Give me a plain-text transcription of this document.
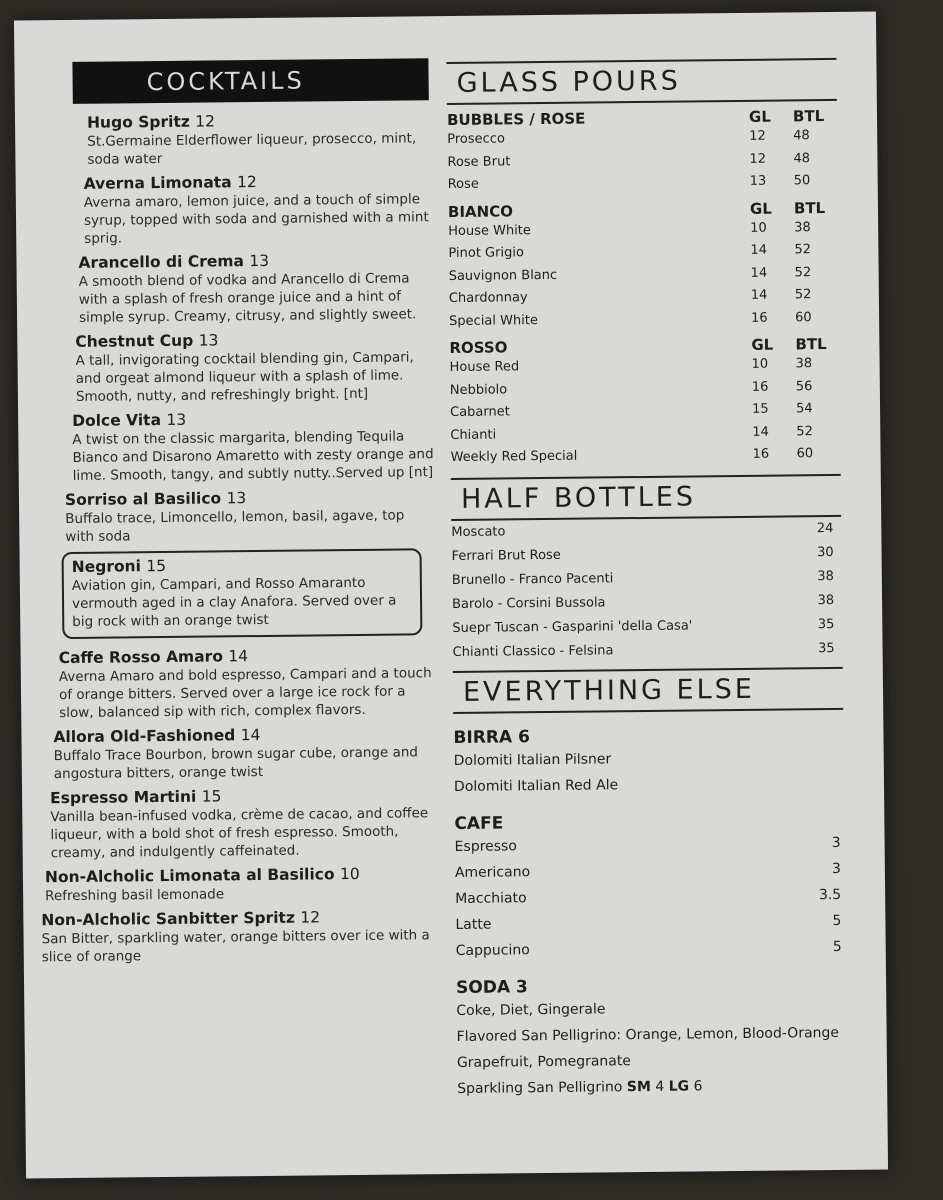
COCKTAILS
Hugo Spritz 12
St.Germaine Elderflower liqueur, prosecco, mint, soda water
Averna Limonata 12
Averna amaro, lemon juice, and a touch of simple syrup, topped with soda and garnished with a mint sprig.
Arancello di Crema 13
A smooth blend of vodka and Arancello di Crema with a splash of fresh orange juice and a hint of simple syrup. Creamy, citrusy, and slightly sweet.
Chestnut Cup 13
A tall, invigorating cocktail blending gin, Campari, and orgeat almond liqueur with a splash of lime. Smooth, nutty, and refreshingly bright. [nt]
Dolce Vita 13
A twist on the classic margarita, blending Tequila Bianco and Disarono Amaretto with zesty orange and lime. Smooth, tangy, and subtly nutty..Served up [nt]
Sorriso al Basilico 13
Buffalo trace, Limoncello, lemon, basil, agave, top with soda
Negroni 15
Aviation gin, Campari, and Rosso Amaranto vermouth aged in a clay Anafora. Served over a big rock with an orange twist
Caffe Rosso Amaro 14
Averna Amaro and bold espresso, Campari and a touch of orange bitters. Served over a large ice rock for a slow, balanced sip with rich, complex flavors.
Allora Old-Fashioned 14
Buffalo Trace Bourbon, brown sugar cube, orange and angostura bitters, orange twist
Espresso Martini 15
Vanilla bean-infused vodka, crème de cacao, and coffee liqueur, with a bold shot of fresh espresso. Smooth, creamy, and indulgently caffeinated.
Non-Alcholic Limonata al Basilico 10
Refreshing basil lemonade
Non-Alcholic Sanbitter Spritz 12
San Bitter, sparkling water, orange bitters over ice with a slice of orange
GLASS POURS
BUBBLES / ROSE	GL	BTL
Prosecco	12	48
Rose Brut	12	48
Rose	13	50
BIANCO	GL	BTL
House White	10	38
Pinot Grigio	14	52
Sauvignon Blanc	14	52
Chardonnay	14	52
Special White	16	60
ROSSO	GL	BTL
House Red	10	38
Nebbiolo	16	56
Cabarnet	15	54
Chianti	14	52
Weekly Red Special	16	60
HALF BOTTLES
Moscato	24
Ferrari Brut Rose	30
Brunello - Franco Pacenti	38
Barolo - Corsini Bussola	38
Suepr Tuscan - Gasparini 'della Casa'	35
Chianti Classico - Felsina	35
EVERYTHING ELSE
BIRRA 6
Dolomiti Italian Pilsner
Dolomiti Italian Red Ale
CAFE
Espresso	3
Americano	3
Macchiato	3.5
Latte	5
Cappucino	5
SODA 3
Coke, Diet, Gingerale
Flavored San Pelligrino: Orange, Lemon, Blood-Orange
Grapefruit, Pomegranate
Sparkling San Pelligrino SM 4 LG 6
